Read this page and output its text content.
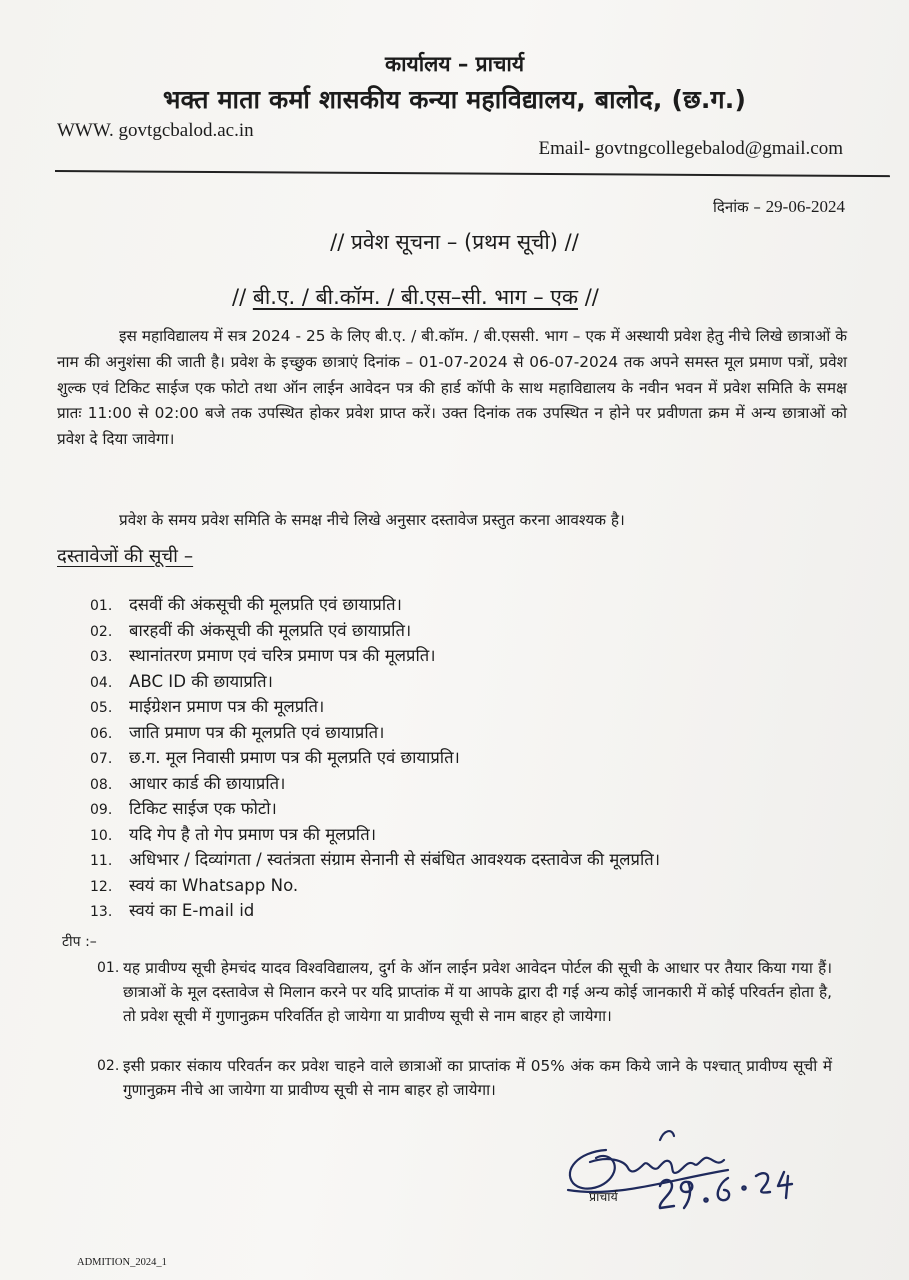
कार्यालय – प्राचार्य
भक्त माता कर्मा शासकीय कन्या महाविद्यालय, बालोद, (छ.ग.)
WWW. govtgcbalod.ac.in
Email- govtngcollegebalod@gmail.com
दिनांक – 29-06-2024
// प्रवेश सूचना – (प्रथम सूची) //
// बी.ए. / बी.कॉम. / बी.एस–सी. भाग – एक //
इस महाविद्यालय में सत्र 2024 - 25 के लिए बी.ए. / बी.कॉम. / बी.एससी. भाग – एक में अस्थायी प्रवेश हेतु नीचे लिखे छात्राओं के नाम की अनुशंसा की जाती है। प्रवेश के इच्छुक छात्राएं दिनांक – 01-07-2024 से 06-07-2024 तक अपने समस्त मूल प्रमाण पत्रों, प्रवेश शुल्क एवं टिकिट साईज एक फोटो तथा ऑन लाईन आवेदन पत्र की हार्ड कॉपी के साथ महाविद्यालय के नवीन भवन में प्रवेश समिति के समक्ष प्रातः 11:00 से 02:00 बजे तक उपस्थित होकर प्रवेश प्राप्त करें। उक्त दिनांक तक उपस्थित न होने पर प्रवीणता क्रम में अन्य छात्राओं को प्रवेश दे दिया जावेगा।
प्रवेश के समय प्रवेश समिति के समक्ष नीचे लिखे अनुसार दस्तावेज प्रस्तुत करना आवश्यक है।
दस्तावेजों की सूची –
01. दसवीं की अंकसूची की मूलप्रति एवं छायाप्रति।
02. बारहवीं की अंकसूची की मूलप्रति एवं छायाप्रति।
03. स्थानांतरण प्रमाण एवं चरित्र प्रमाण पत्र की मूलप्रति।
04. ABC ID की छायाप्रति।
05. माईग्रेशन प्रमाण पत्र की मूलप्रति।
06. जाति प्रमाण पत्र की मूलप्रति एवं छायाप्रति।
07. छ.ग. मूल निवासी प्रमाण पत्र की मूलप्रति एवं छायाप्रति।
08. आधार कार्ड की छायाप्रति।
09. टिकिट साईज एक फोटो।
10. यदि गेप है तो गेप प्रमाण पत्र की मूलप्रति।
11. अधिभार / दिव्यांगता / स्वतंत्रता संग्राम सेनानी से संबंधित आवश्यक दस्तावेज की मूलप्रति।
12. स्वयं का Whatsapp No.
13. स्वयं का E-mail id
टीप :–
01. यह प्रावीण्य सूची हेमचंद यादव विश्वविद्यालय, दुर्ग के ऑन लाईन प्रवेश आवेदन पोर्टल की सूची के आधार पर तैयार किया गया हैं। छात्राओं के मूल दस्तावेज से मिलान करने पर यदि प्राप्तांक में या आपके द्वारा दी गई अन्य कोई जानकारी में कोई परिवर्तन होता है, तो प्रवेश सूची में गुणानुक्रम परिवर्तित हो जायेगा या प्रावीण्य सूची से नाम बाहर हो जायेगा।
02. इसी प्रकार संकाय परिवर्तन कर प्रवेश चाहने वाले छात्राओं का प्राप्तांक में 05% अंक कम किये जाने के पश्चात् प्रावीण्य सूची में गुणानुक्रम नीचे आ जायेगा या प्रावीण्य सूची से नाम बाहर हो जायेगा।
प्राचार्य
ADMITION_2024_1
